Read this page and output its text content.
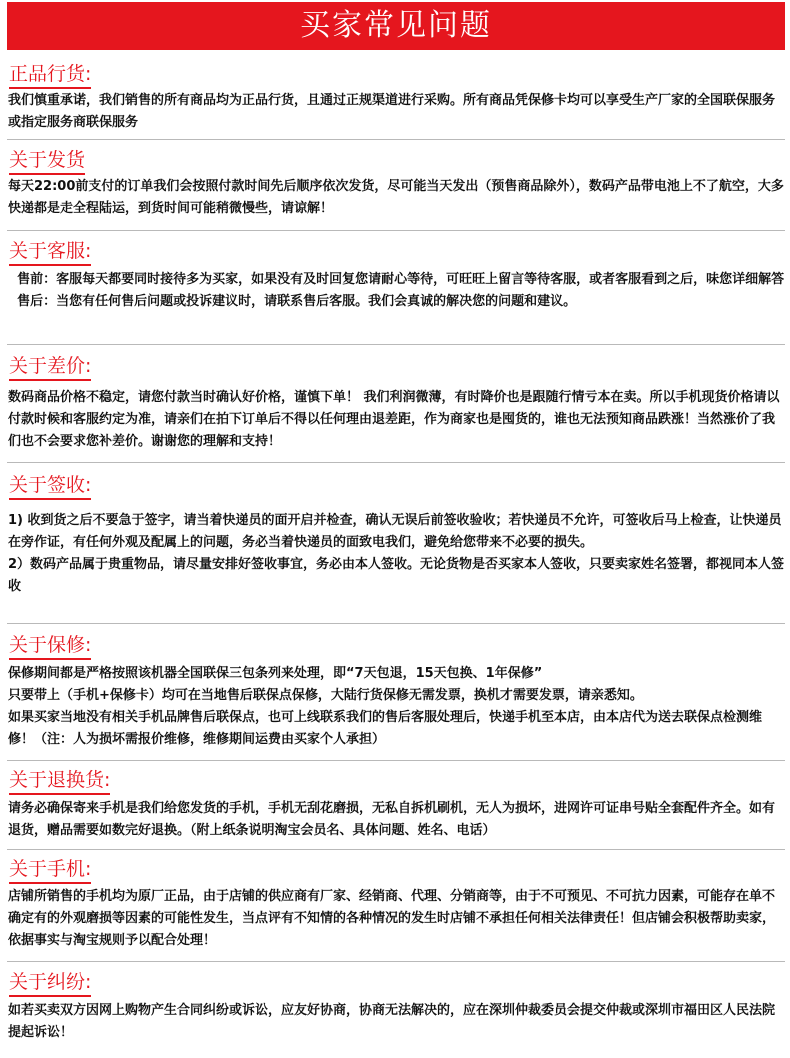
买家常见问题
正品行货:

我们慎重承诺，我们销售的所有商品均为正品行货，且通过正规渠道进行采购。所有商品凭保修卡均可以享受生产厂家的全国联保服务或指定服务商联保服务

关于发货

每天22:00前支付的订单我们会按照付款时间先后顺序依次发货，尽可能当天发出（预售商品除外），数码产品带电池上不了航空，大多快递都是走全程陆运，到货时间可能稍微慢些，请谅解！

关于客服:

售前：客服每天都要同时接待多为买家，如果没有及时回复您请耐心等待，可旺旺上留言等待客服，或者客服看到之后，味您详细解答

售后：当您有任何售后问题或投诉建议时，请联系售后客服。我们会真诚的解决您的问题和建议。

关于差价:

数码商品价格不稳定，请您付款当时确认好价格，谨慎下单！ 我们利润微薄，有时降价也是跟随行情亏本在卖。所以手机现货价格请以付款时候和客服约定为准，请亲们在拍下订单后不得以任何理由退差距，作为商家也是囤货的，谁也无法预知商品跌涨！当然涨价了我们也不会要求您补差价。谢谢您的理解和支持！

关于签收:

1) 收到货之后不要急于签字，请当着快递员的面开启并检查，确认无误后前签收验收；若快递员不允许，可签收后马上检查，让快递员在旁作证，有任何外观及配属上的问题，务必当着快递员的面致电我们，避免给您带来不必要的损失。

2）数码产品属于贵重物品，请尽量安排好签收事宜，务必由本人签收。无论货物是否买家本人签收，只要卖家姓名签署，都视同本人签收

关于保修:

保修期间都是严格按照该机器全国联保三包条列来处理，即“7天包退，15天包换、1年保修”

只要带上（手机+保修卡）均可在当地售后联保点保修，大陆行货保修无需发票，换机才需要发票，请亲悉知。

如果买家当地没有相关手机品牌售后联保点，也可上线联系我们的售后客服处理后，快递手机至本店，由本店代为送去联保点检测维修！（注：人为损坏需报价维修，维修期间运费由买家个人承担）

关于退换货:

请务必确保寄来手机是我们给您发货的手机，手机无刮花磨损，无私自拆机刷机，无人为损坏，进网许可证串号贴全套配件齐全。如有退货，赠品需要如数完好退换。（附上纸条说明淘宝会员名、具体问题、姓名、电话）

关于手机:

店铺所销售的手机均为原厂正品，由于店铺的供应商有厂家、经销商、代理、分销商等，由于不可预见、不可抗力因素，可能存在单不确定有的外观磨损等因素的可能性发生，当点评有不知情的各种情况的发生时店铺不承担任何相关法律责任！但店铺会积极帮助卖家，依据事实与淘宝规则予以配合处理！

关于纠纷:

如若买卖双方因网上购物产生合同纠纷或诉讼，应友好协商，协商无法解决的，应在深圳仲裁委员会提交仲裁或深圳市福田区人民法院提起诉讼！
